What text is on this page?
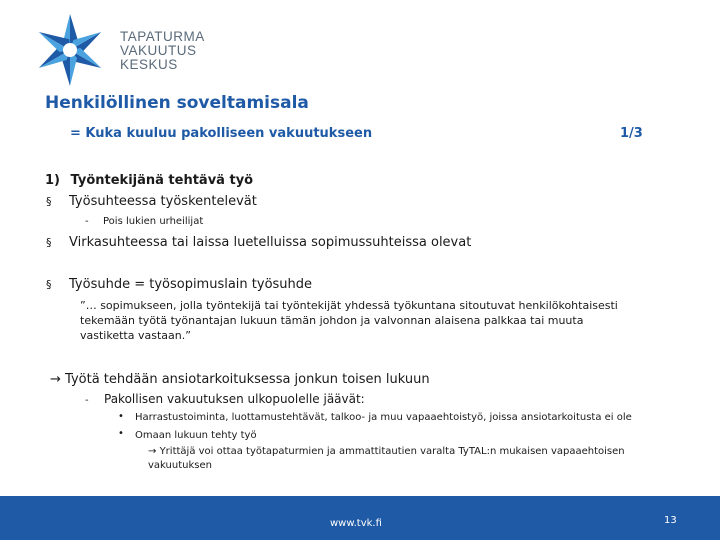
TAPATURMA
VAKUUTUS
KESKUS
Henkilöllinen soveltamisala
= Kuka kuuluu pakolliseen vakuutukseen	1/3
1) Työntekijänä tehtävä työ
§ Työsuhteessa työskentelevät
- Pois lukien urheilijat
§ Virkasuhteessa tai laissa luetelluissa sopimussuhteissa olevat
§ Työsuhde = työsopimuslain työsuhde
”… sopimukseen, jolla työntekijä tai työntekijät yhdessä työkuntana sitoutuvat henkilökohtaisesti tekemään työtä työnantajan lukuun tämän johdon ja valvonnan alaisena palkkaa tai muuta vastiketta vastaan.”
→ Työtä tehdään ansiotarkoituksessa jonkun toisen lukuun
- Pakollisen vakuutuksen ulkopuolelle jäävät:
• Harrastustoiminta, luottamustehtävät, talkoo- ja muu vapaaehtoistyö, joissa ansiotarkoitusta ei ole
• Omaan lukuun tehty työ
→ Yrittäjä voi ottaa työtapaturmien ja ammattitautien varalta TyTAL:n mukaisen vapaaehtoisen
vakuutuksen
www.tvk.fi	13
